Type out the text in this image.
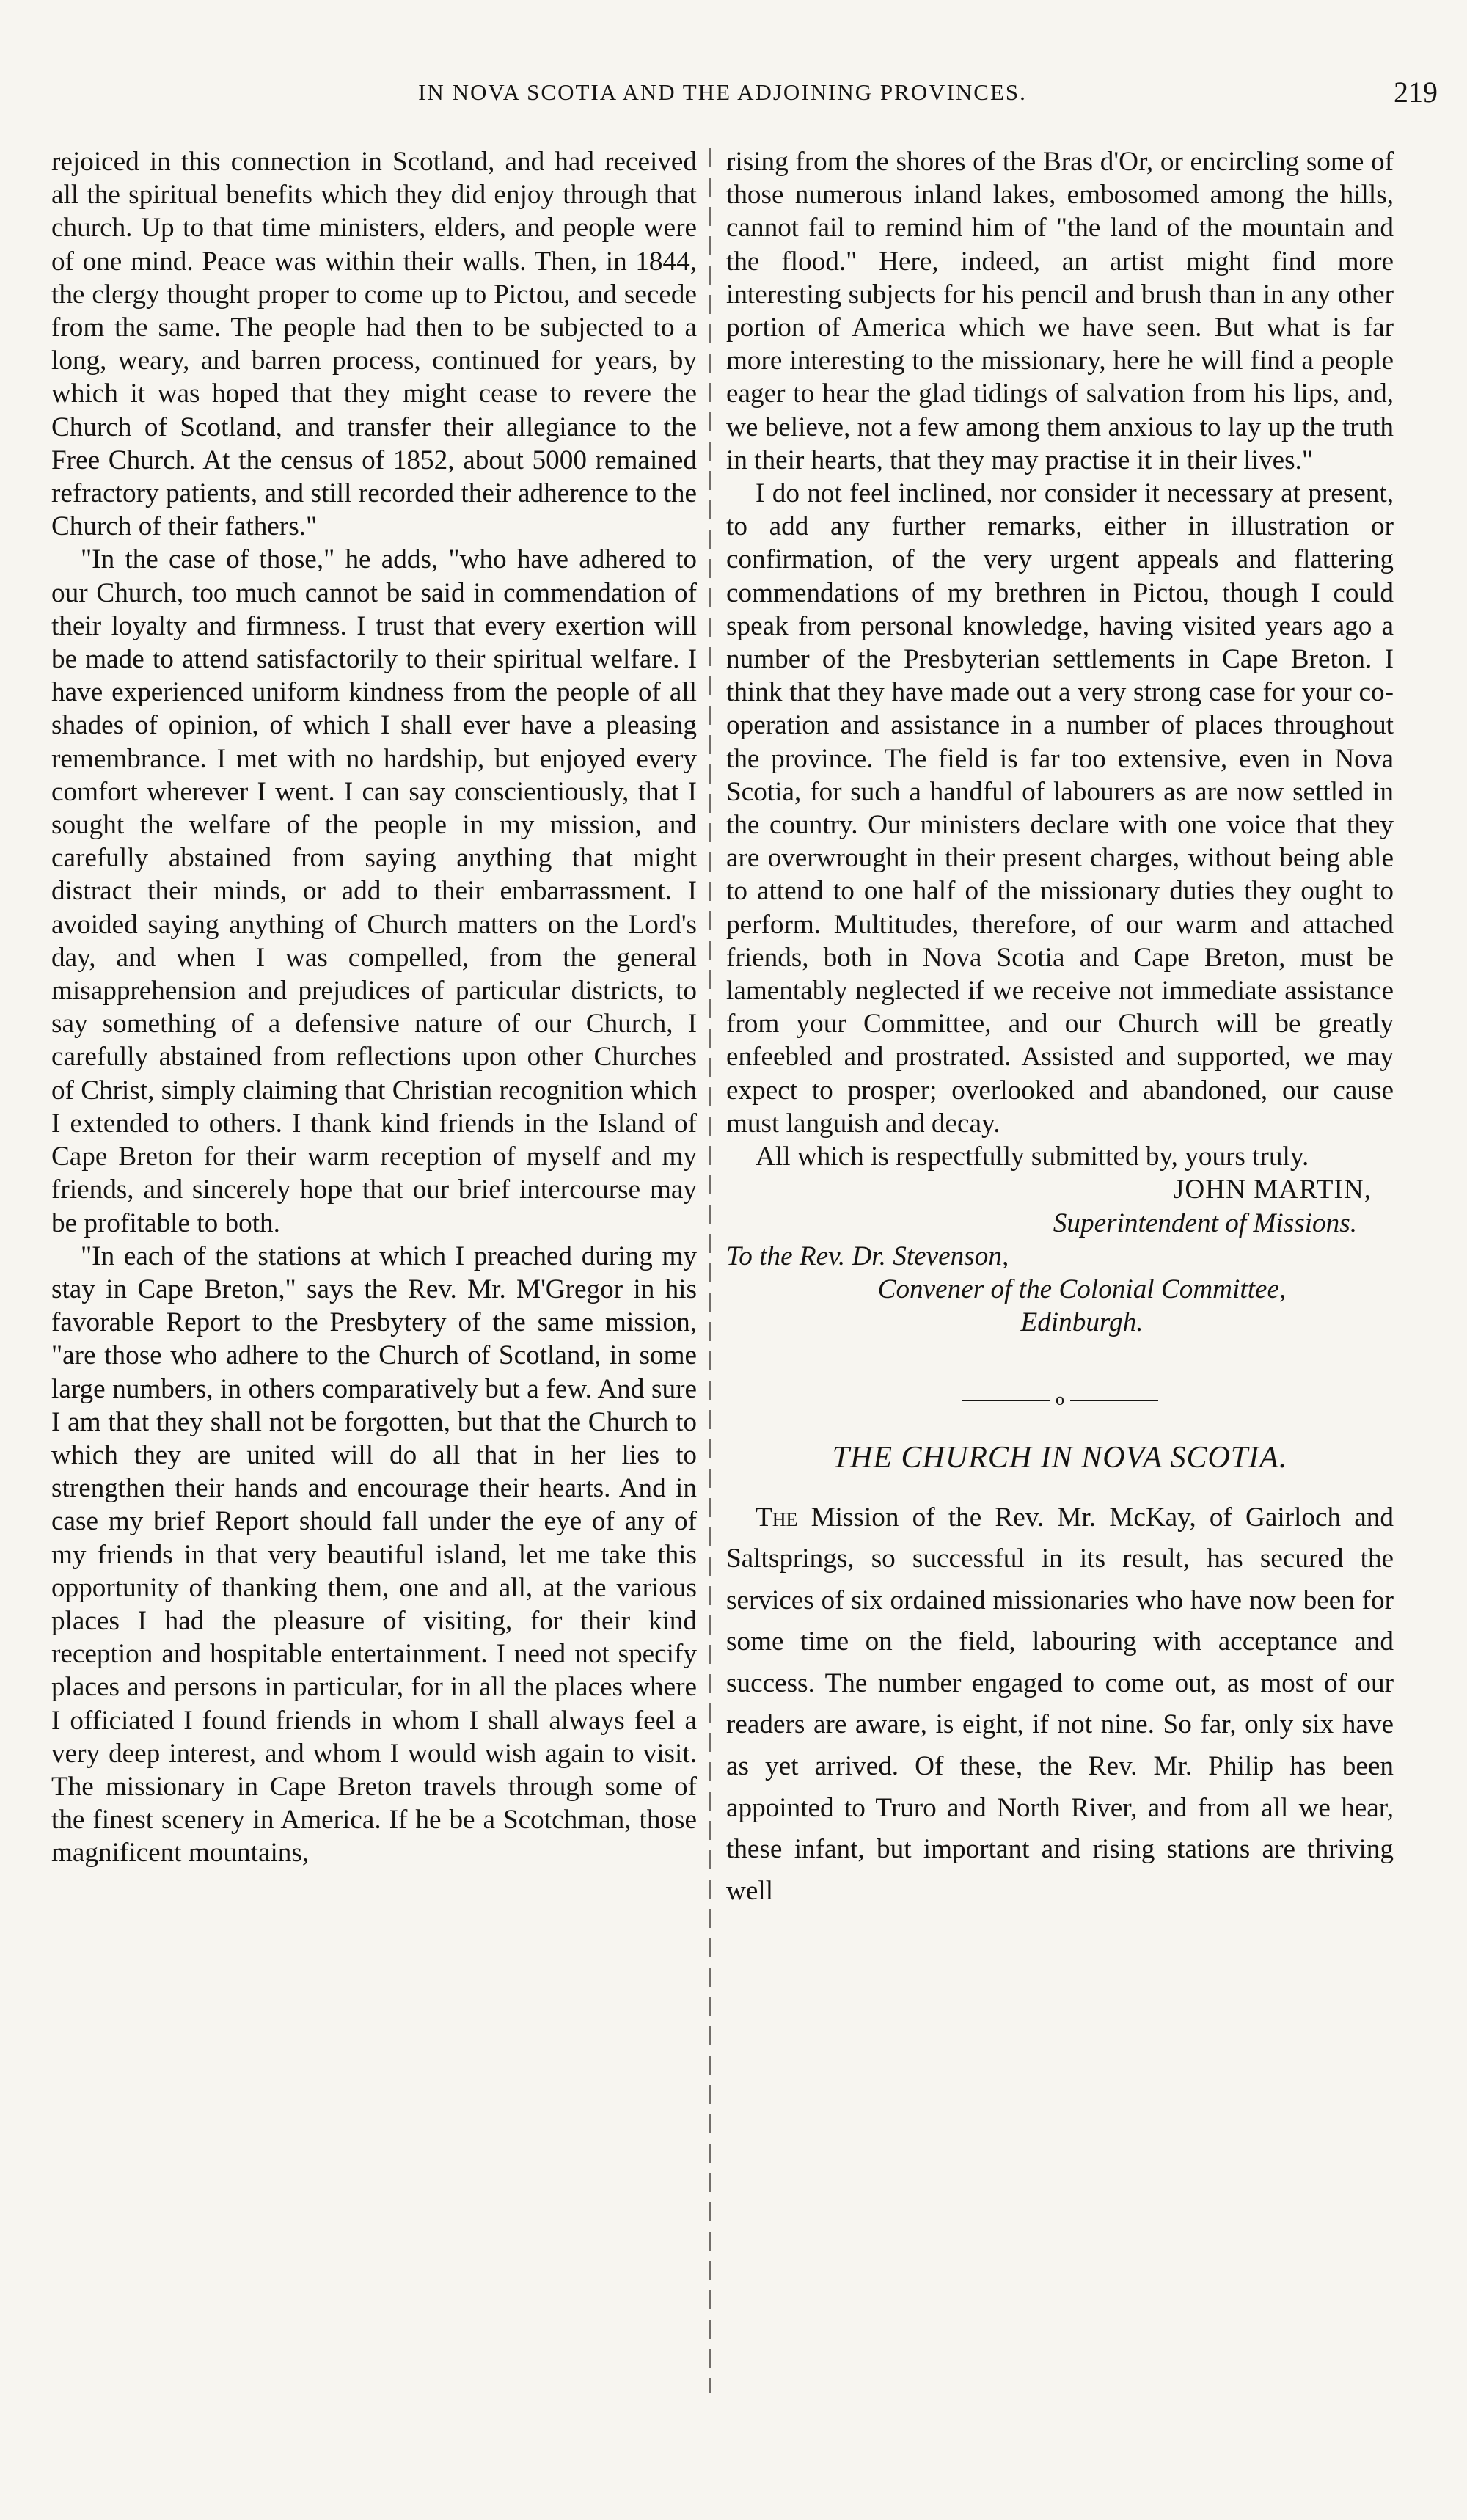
IN NOVA SCOTIA AND THE ADJOINING PROVINCES.	219

rejoiced in this connection in Scotland, and had received all the spiritual benefits which they did enjoy through that church. Up to that time ministers, elders, and people were of one mind. Peace was within their walls. Then, in 1844, the clergy thought proper to come up to Pictou, and secede from the same. The people had then to be subjected to a long, weary, and barren process, continued for years, by which it was hoped that they might cease to revere the Church of Scotland, and transfer their allegiance to the Free Church. At the census of 1852, about 5000 remained refractory patients, and still recorded their adherence to the Church of their fathers."

"In the case of those," he adds, "who have adhered to our Church, too much cannot be said in commendation of their loyalty and firmness. I trust that every exertion will be made to attend satisfactorily to their spiritual welfare. I have experienced uniform kindness from the people of all shades of opinion, of which I shall ever have a pleasing remembrance. I met with no hardship, but enjoyed every comfort wherever I went. I can say conscientiously, that I sought the welfare of the people in my mission, and carefully abstained from saying anything that might distract their minds, or add to their embarrassment. I avoided saying anything of Church matters on the Lord's day, and when I was compelled, from the general misapprehension and prejudices of particular districts, to say something of a defensive nature of our Church, I carefully abstained from reflections upon other Churches of Christ, simply claiming that Christian recognition which I extended to others. I thank kind friends in the Island of Cape Breton for their warm reception of myself and my friends, and sincerely hope that our brief intercourse may be profitable to both.

"In each of the stations at which I preached during my stay in Cape Breton," says the Rev. Mr. M'Gregor in his favorable Report to the Presbytery of the same mission, "are those who adhere to the Church of Scotland, in some large numbers, in others comparatively but a few. And sure I am that they shall not be forgotten, but that the Church to which they are united will do all that in her lies to strengthen their hands and encourage their hearts. And in case my brief Report should fall under the eye of any of my friends in that very beautiful island, let me take this opportunity of thanking them, one and all, at the various places I had the pleasure of visiting, for their kind reception and hospitable entertainment. I need not specify places and persons in particular, for in all the places where I officiated I found friends in whom I shall always feel a very deep interest, and whom I would wish again to visit. The missionary in Cape Breton travels through some of the finest scenery in America. If he be a Scotchman, those magnificent mountains,

rising from the shores of the Bras d'Or, or encircling some of those numerous inland lakes, embosomed among the hills, cannot fail to remind him of "the land of the mountain and the flood." Here, indeed, an artist might find more interesting subjects for his pencil and brush than in any other portion of America which we have seen. But what is far more interesting to the missionary, here he will find a people eager to hear the glad tidings of salvation from his lips, and, we believe, not a few among them anxious to lay up the truth in their hearts, that they may practise it in their lives."

I do not feel inclined, nor consider it necessary at present, to add any further remarks, either in illustration or confirmation, of the very urgent appeals and flattering commendations of my brethren in Pictou, though I could speak from personal knowledge, having visited years ago a number of the Presbyterian settlements in Cape Breton. I think that they have made out a very strong case for your co-operation and assistance in a number of places throughout the province. The field is far too extensive, even in Nova Scotia, for such a handful of labourers as are now settled in the country. Our ministers declare with one voice that they are overwrought in their present charges, without being able to attend to one half of the missionary duties they ought to perform. Multitudes, therefore, of our warm and attached friends, both in Nova Scotia and Cape Breton, must be lamentably neglected if we receive not immediate assistance from your Committee, and our Church will be greatly enfeebled and prostrated. Assisted and supported, we may expect to prosper; overlooked and abandoned, our cause must languish and decay.

All which is respectfully submitted by, yours truly.

JOHN MARTIN,

Superintendent of Missions.

To the Rev. Dr. Stevenson,

Convener of the Colonial Committee,

Edinburgh.

o
THE CHURCH IN NOVA SCOTIA.

The Mission of the Rev. Mr. McKay, of Gairloch and Saltsprings, so successful in its result, has secured the services of six ordained missionaries who have now been for some time on the field, labouring with acceptance and success. The number engaged to come out, as most of our readers are aware, is eight, if not nine. So far, only six have as yet arrived. Of these, the Rev. Mr. Philip has been appointed to Truro and North River, and from all we hear, these infant, but important and rising stations are thriving well
